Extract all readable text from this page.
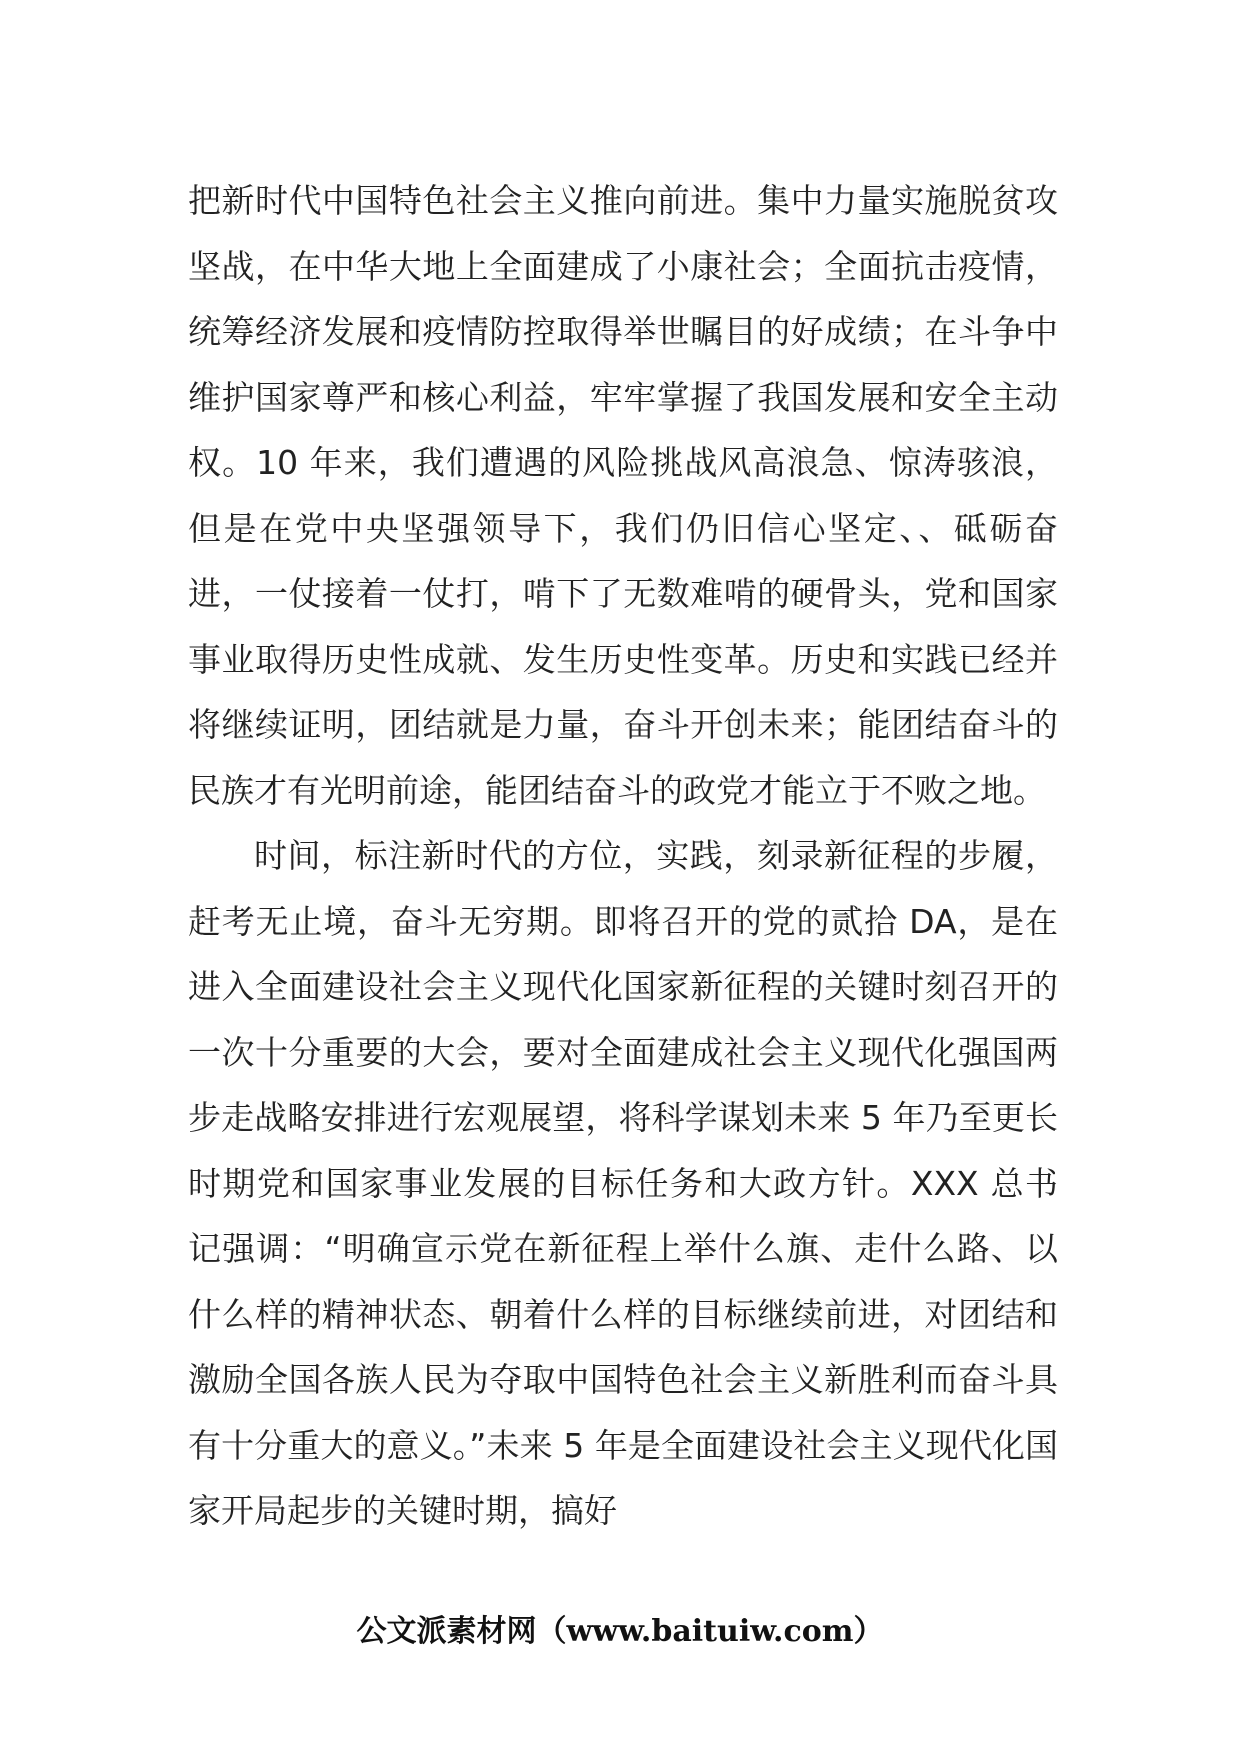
把新时代中国特色社会主义推向前进。集中力量实施脱贫攻坚战，在中华大地上全面建成了小康社会；全面抗击疫情，统筹经济发展和疫情防控取得举世瞩目的好成绩；在斗争中维护国家尊严和核心利益，牢牢掌握了我国发展和安全主动权。10 年来，我们遭遇的风险挑战风高浪急、惊涛骇浪，但是在党中央坚强领导下，我们仍旧信心坚定、、砥砺奋进，一仗接着一仗打，啃下了无数难啃的硬骨头，党和国家事业取得历史性成就、发生历史性变革。历史和实践已经并将继续证明，团结就是力量，奋斗开创未来；能团结奋斗的民族才有光明前途，能团结奋斗的政党才能立于不败之地。

时间，标注新时代的方位，实践，刻录新征程的步履，赶考无止境，奋斗无穷期。即将召开的党的贰拾 DA，是在进入全面建设社会主义现代化国家新征程的关键时刻召开的一次十分重要的大会，要对全面建成社会主义现代化强国两步走战略安排进行宏观展望，将科学谋划未来 5 年乃至更长时期党和国家事业发展的目标任务和大政方针。XXX 总书记强调：“明确宣示党在新征程上举什么旗、走什么路、以什么样的精神状态、朝着什么样的目标继续前进，对团结和激励全国各族人民为夺取中国特色社会主义新胜利而奋斗具有十分重大的意义。”未来 5 年是全面建设社会主义现代化国家开局起步的关键时期，搞好

公文派素材网（www.baituiw.com）
